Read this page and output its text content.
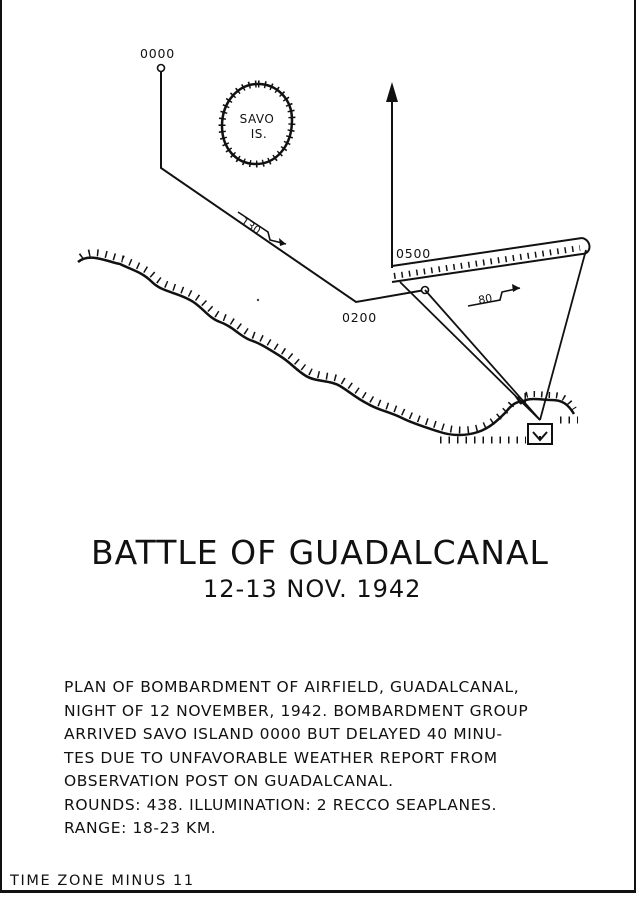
SAVO
IS.
130
80
0000
0200
0500
BATTLE OF GUADALCANAL
12-13 NOV. 1942
PLAN OF BOMBARDMENT OF AIRFIELD, GUADALCANAL,
NIGHT OF 12 NOVEMBER, 1942. BOMBARDMENT GROUP
ARRIVED SAVO ISLAND 0000 BUT DELAYED 40 MINU-
TES DUE TO UNFAVORABLE WEATHER REPORT FROM
OBSERVATION POST ON GUADALCANAL.
ROUNDS: 438. ILLUMINATION: 2 RECCO SEAPLANES.
RANGE: 18-23 KM.
TIME ZONE MINUS 11
